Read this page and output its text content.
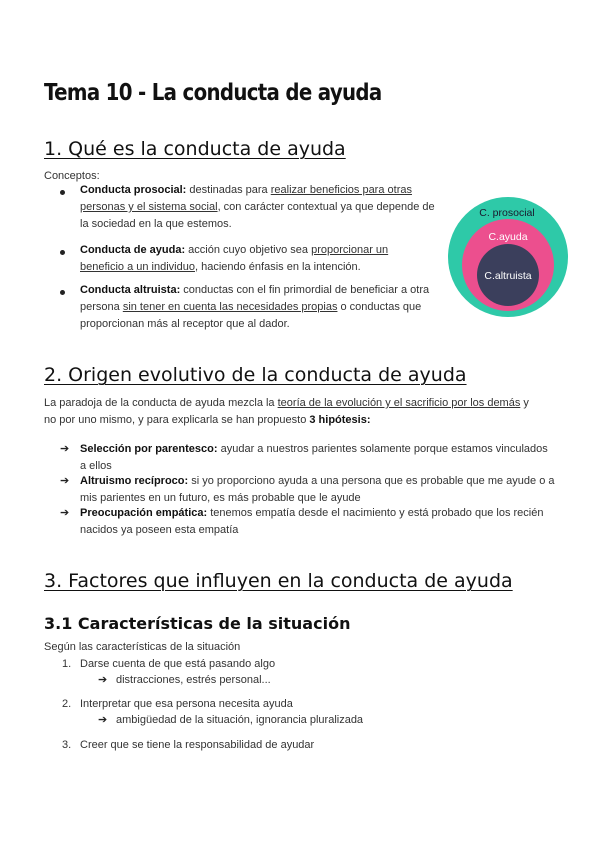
Tema 10 - La conducta de ayuda
1. Qué es la conducta de ayuda
Conceptos:
Conducta prosocial: destinadas para realizar beneficios para otras personas y el sistema social, con carácter contextual ya que depende de la sociedad en la que estemos.
Conducta de ayuda: acción cuyo objetivo sea proporcionar un beneficio a un individuo, haciendo énfasis en la intención.
Conducta altruista: conductas con el fin primordial de beneficiar a otra persona sin tener en cuenta las necesidades propias o conductas que proporcionan más al receptor que al dador.
C. prosocial
C.ayuda
C.altruista
2. Origen evolutivo de la conducta de ayuda
La paradoja de la conducta de ayuda mezcla la teoría de la evolución y el sacrificio por los demás y no por uno mismo, y para explicarla se han propuesto 3 hipótesis:
➔ Selección por parentesco: ayudar a nuestros parientes solamente porque estamos vinculados a ellos
➔ Altruismo recíproco: si yo proporciono ayuda a una persona que es probable que me ayude o a mis parientes en un futuro, es más probable que le ayude
➔ Preocupación empática: tenemos empatía desde el nacimiento y está probado que los recién nacidos ya poseen esta empatía
3. Factores que influyen en la conducta de ayuda
3.1 Características de la situación
Según las características de la situación
1. Darse cuenta de que está pasando algo
➔ distracciones, estrés personal...
2. Interpretar que esa persona necesita ayuda
➔ ambigüedad de la situación, ignorancia pluralizada
3. Creer que se tiene la responsabilidad de ayudar
